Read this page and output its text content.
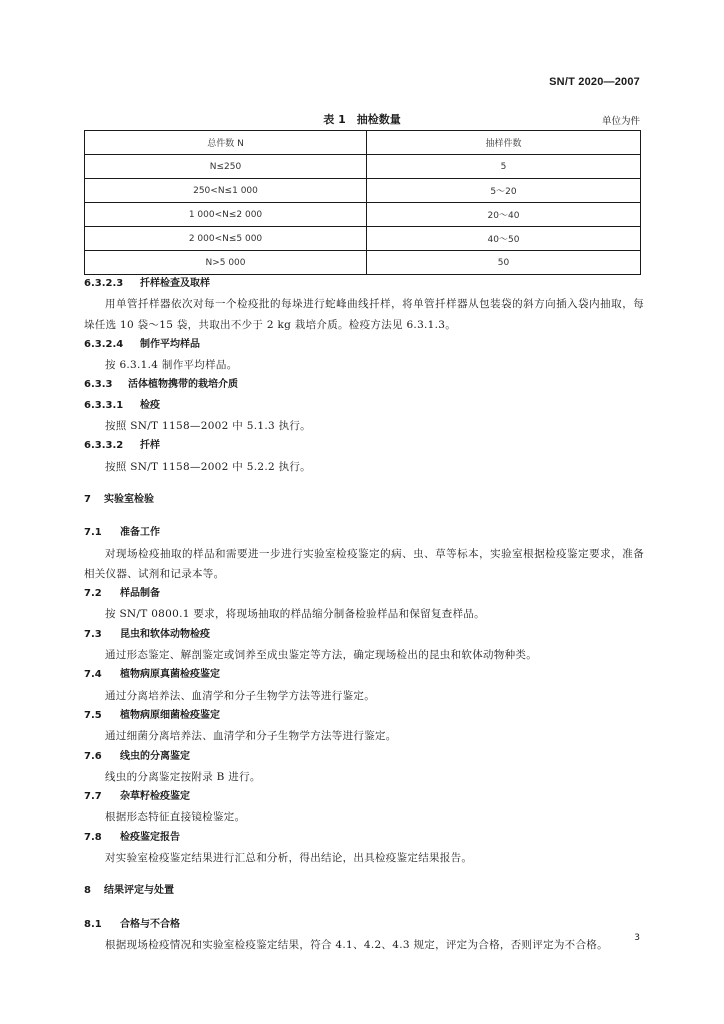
SN/T 2020—2007
表 1　抽检数量	单位为件
总件数 N	抽样件数
N≤250	5
250<N≤1 000	5～20
1 000<N≤2 000	20～40
2 000<N≤5 000	40～50
N>5 000	50

6.3.2.3 扦样检查及取样

用单管扦样器依次对每一个检疫批的每垛进行蛇峰曲线扦样，将单管扦样器从包装袋的斜方向插入袋内抽取，每垛任选 10 袋～15 袋，共取出不少于 2 kg 栽培介质。检疫方法见 6.3.1.3。

6.3.2.4 制作平均样品

按 6.3.1.4 制作平均样品。

6.3.3 活体植物携带的栽培介质

6.3.3.1 检疫

按照 SN/T 1158—2002 中 5.1.3 执行。

6.3.3.2 扦样

按照 SN/T 1158—2002 中 5.2.2 执行。

7 实验室检验

7.1 准备工作

对现场检疫抽取的样品和需要进一步进行实验室检疫鉴定的病、虫、草等标本，实验室根据检疫鉴定要求，准备相关仪器、试剂和记录本等。

7.2 样品制备

按 SN/T 0800.1 要求，将现场抽取的样品缩分制备检验样品和保留复查样品。

7.3 昆虫和软体动物检疫

通过形态鉴定、解剖鉴定或饲养至成虫鉴定等方法，确定现场检出的昆虫和软体动物种类。

7.4 植物病原真菌检疫鉴定

通过分离培养法、血清学和分子生物学方法等进行鉴定。

7.5 植物病原细菌检疫鉴定

通过细菌分离培养法、血清学和分子生物学方法等进行鉴定。

7.6 线虫的分离鉴定

线虫的分离鉴定按附录 B 进行。

7.7 杂草籽检疫鉴定

根据形态特征直接镜检鉴定。

7.8 检疫鉴定报告

对实验室检疫鉴定结果进行汇总和分析，得出结论，出具检疫鉴定结果报告。

8 结果评定与处置

8.1 合格与不合格

根据现场检疫情况和实验室检疫鉴定结果，符合 4.1、4.2、4.3 规定，评定为合格，否则评定为不合格。

3
